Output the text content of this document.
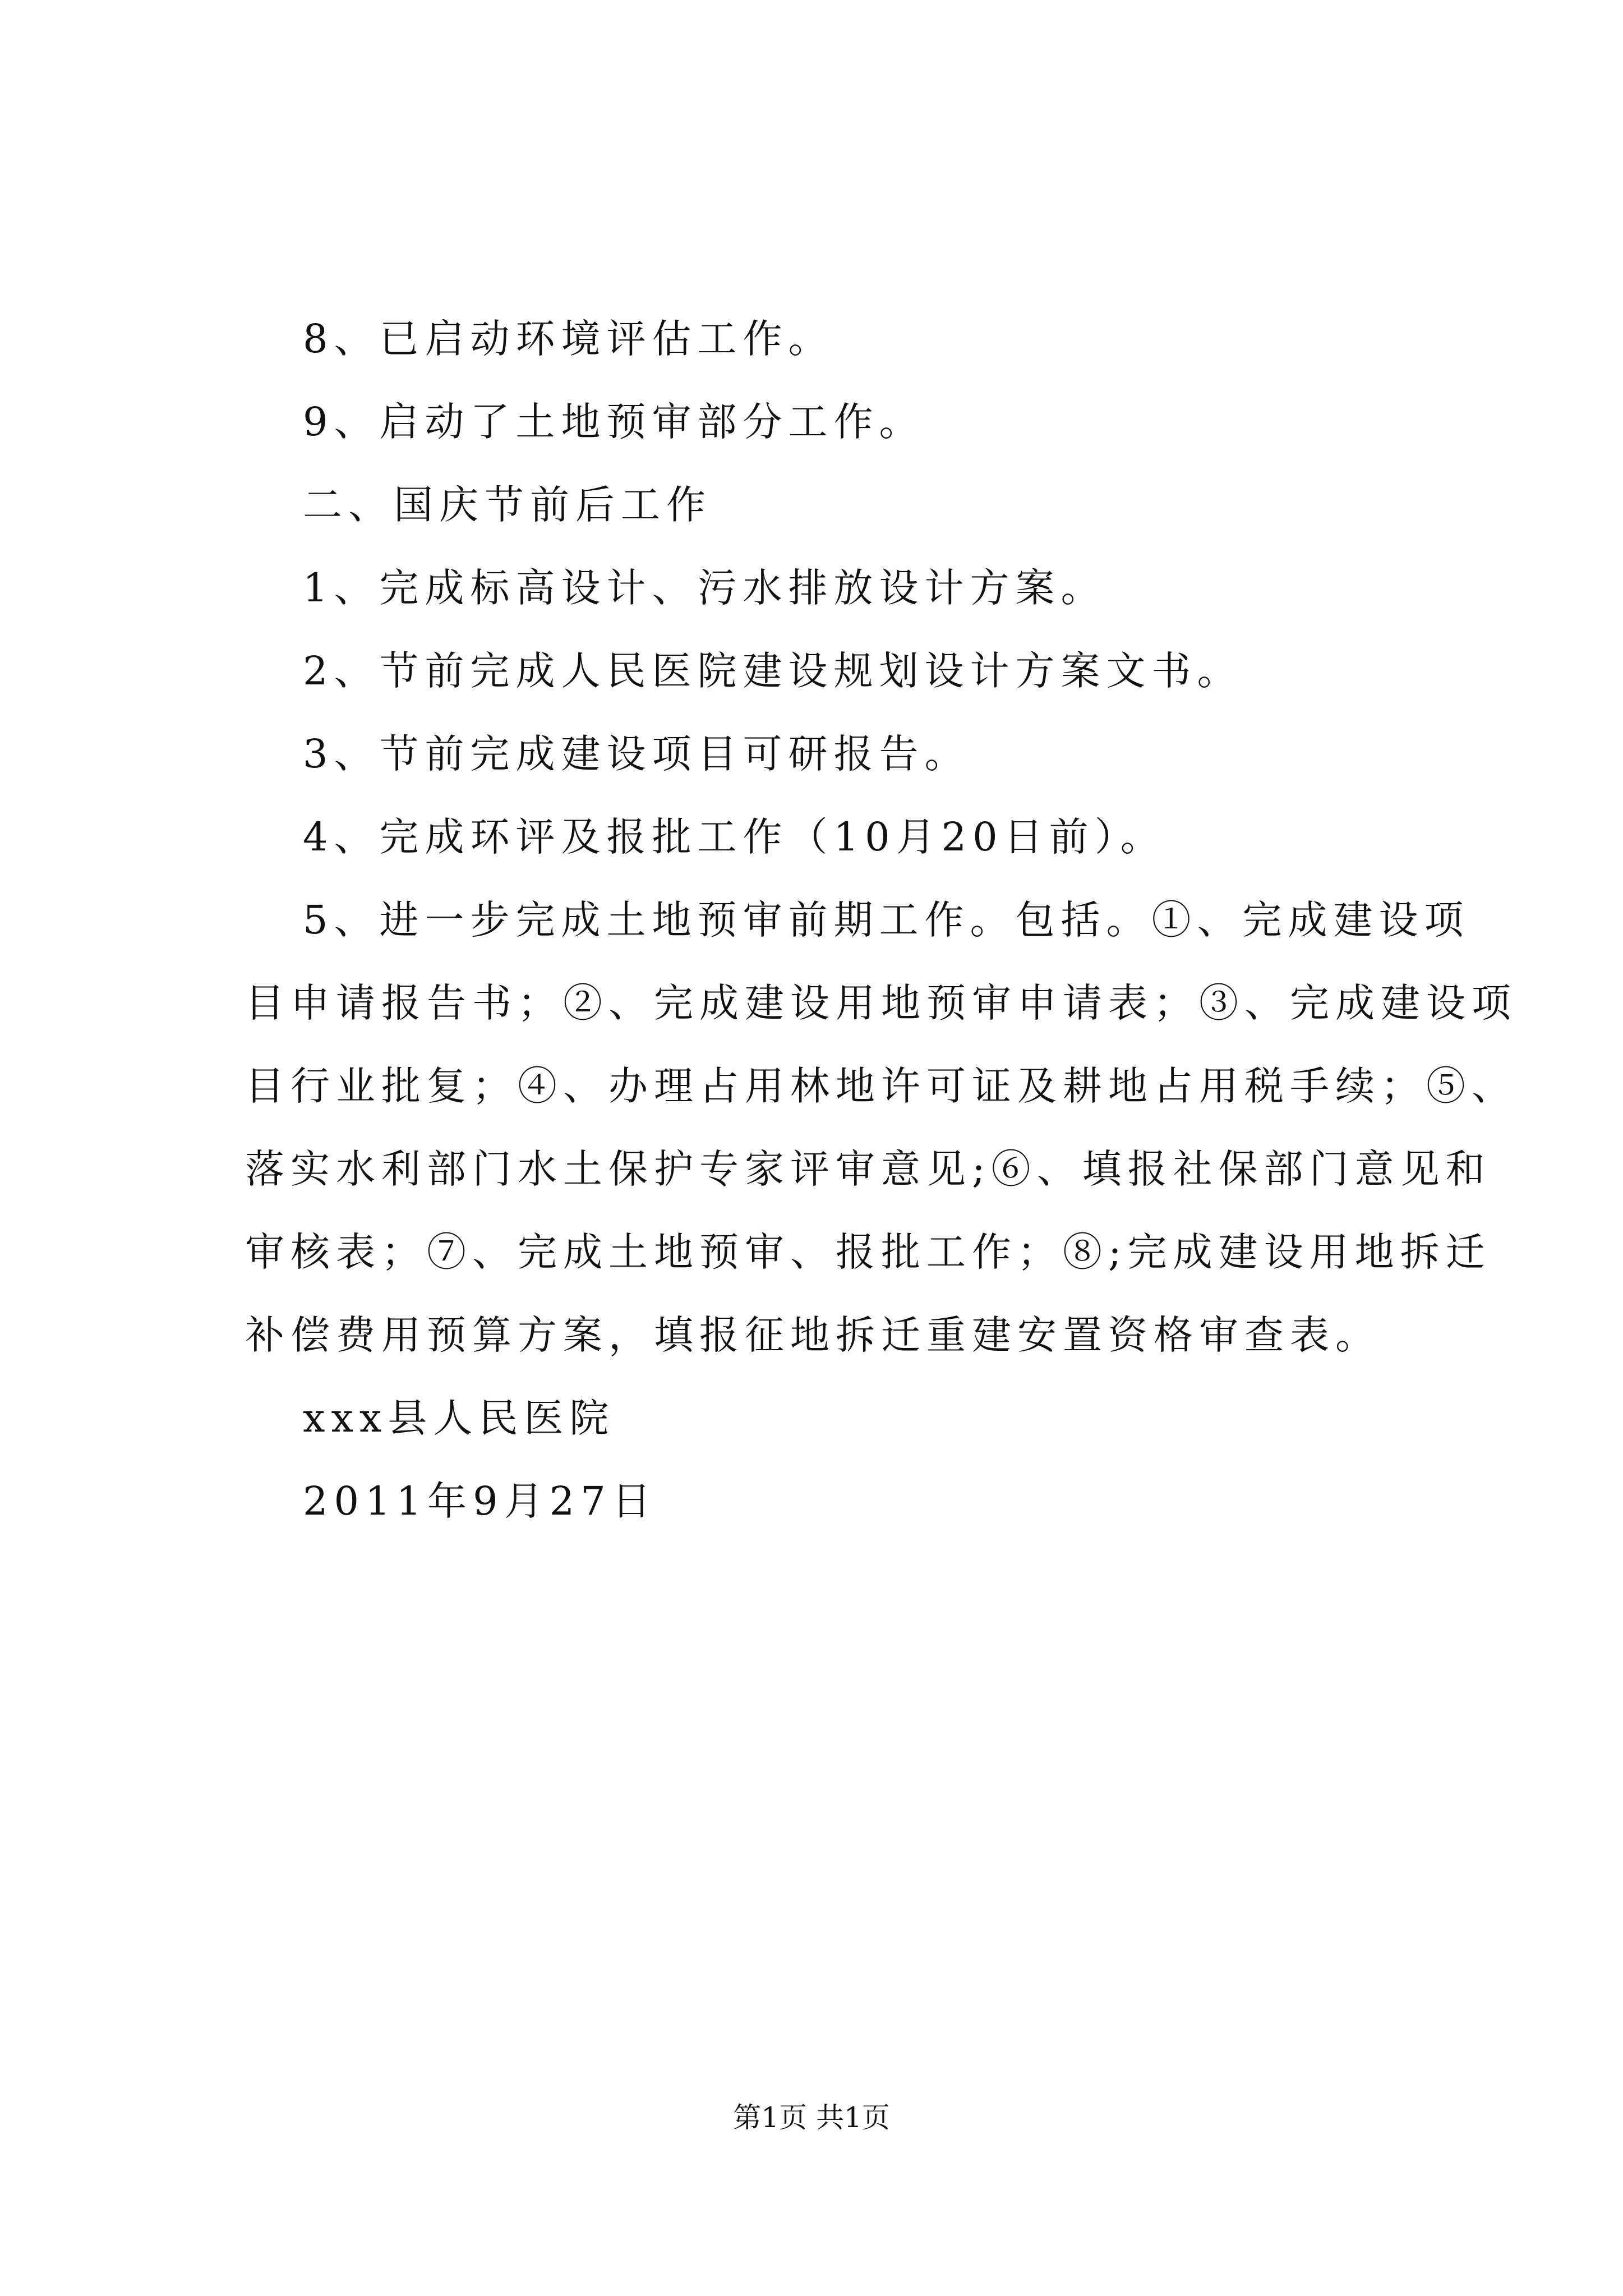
8、已启动环境评估工作。

9、启动了土地预审部分工作。

二、国庆节前后工作

1、完成标高设计、污水排放设计方案。

2、节前完成人民医院建设规划设计方案文书。

3、节前完成建设项目可研报告。

4、完成环评及报批工作（10月20日前）。

5、进一步完成土地预审前期工作。包括。①、完成建设项
目申请报告书；②、完成建设用地预审申请表；③、完成建设项
目行业批复；④、办理占用林地许可证及耕地占用税手续；⑤、
落实水利部门水土保护专家评审意见;⑥、填报社保部门意见和
审核表；⑦、完成土地预审、报批工作；⑧;完成建设用地拆迁
补偿费用预算方案，填报征地拆迁重建安置资格审查表。

xxx县人民医院

2011年9月27日

第1页 共1页
